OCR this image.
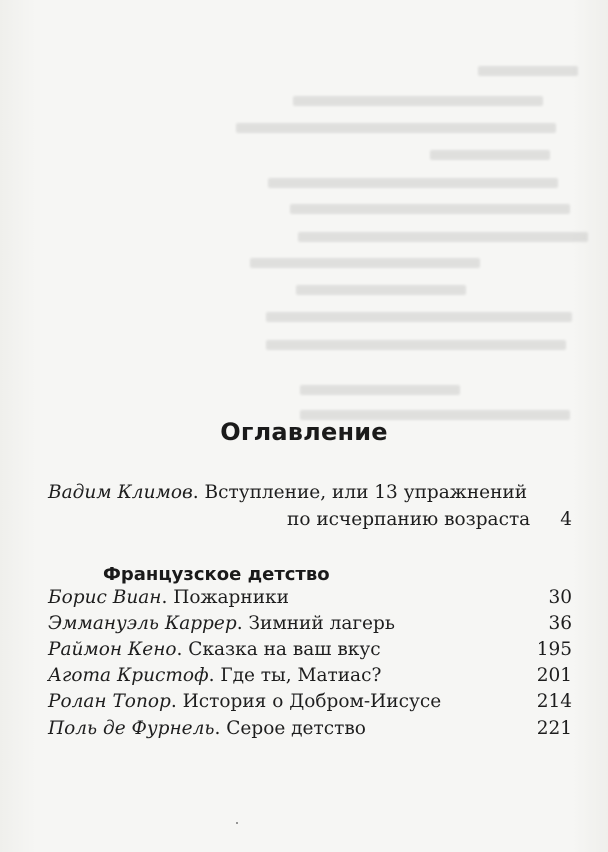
Оглавление
Вадим Климов. Вступление, или 13 упражнений
по исчерпанию возраста	4
Французское детство
Борис Виан. Пожарники	30
Эммануэль Каррер. Зимний лагерь	36
Раймон Кено. Сказка на ваш вкус	195
Агота Кристоф. Где ты, Матиас?	201
Ролан Топор. История о Добром-Иисусе	214
Поль де Фурнель. Серое детство	221
